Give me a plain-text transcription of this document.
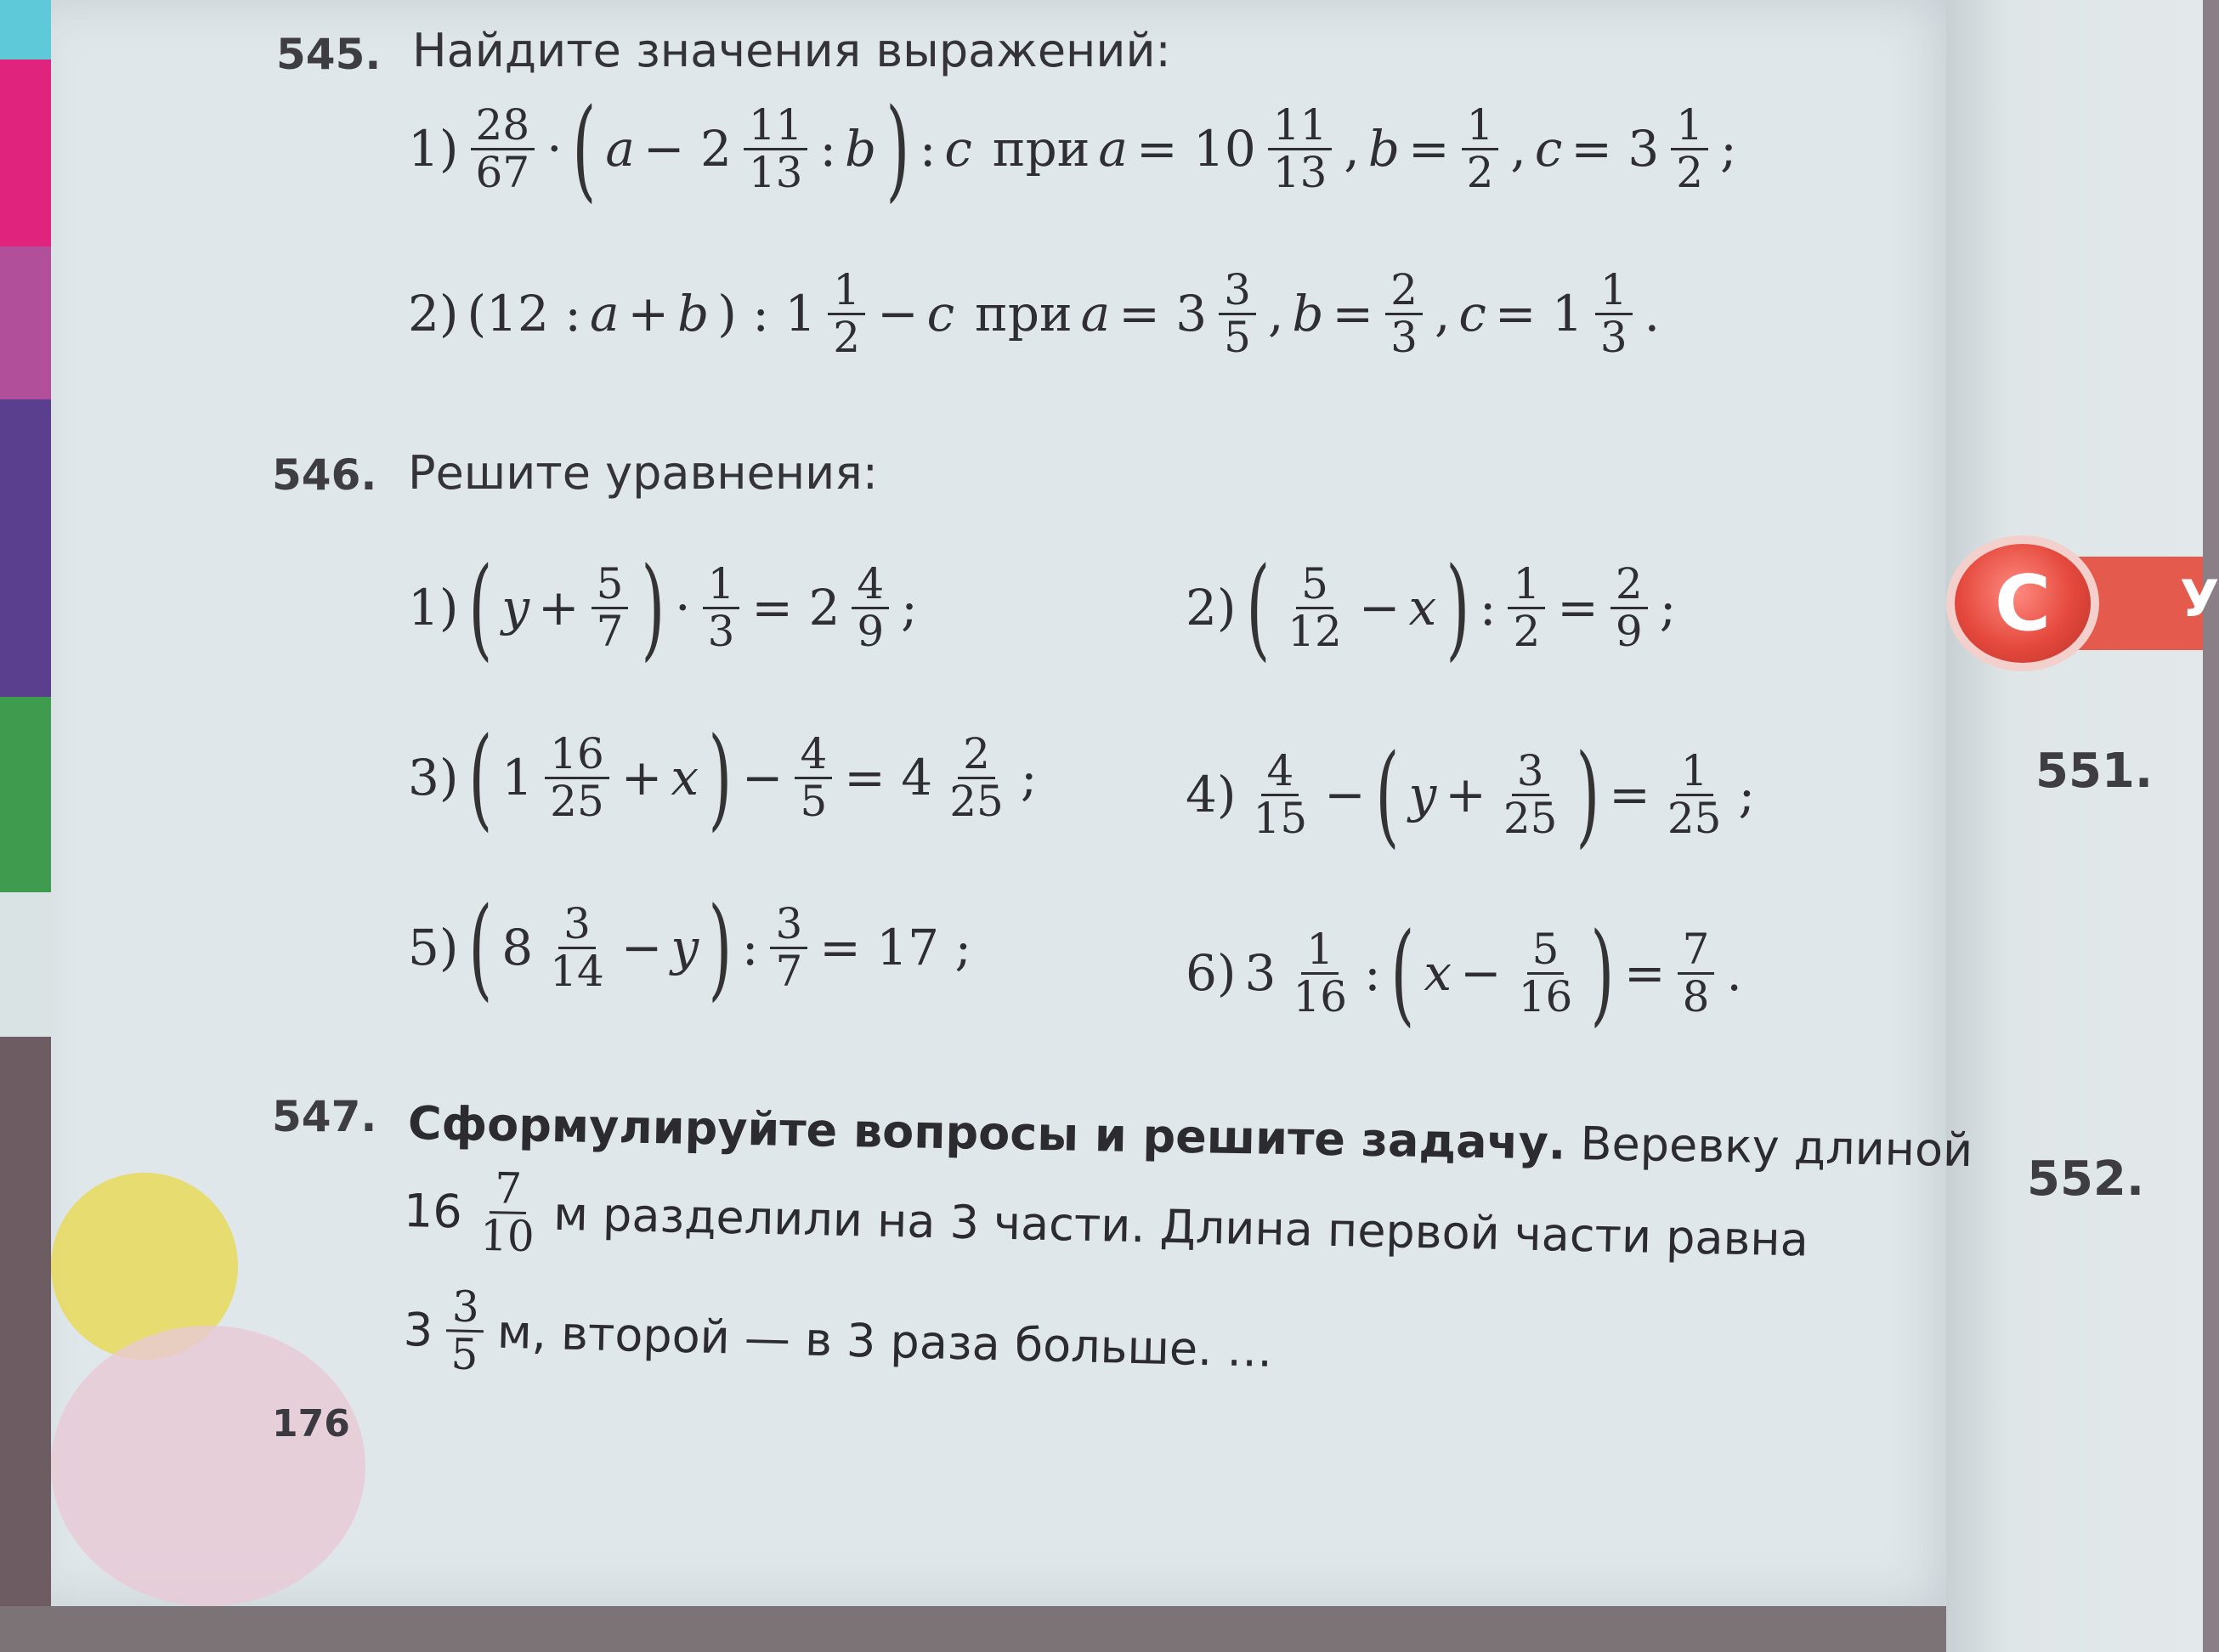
545. Найдите значения выражений:
$1) \frac{28}{67}$ · ( $a - 2 \frac{11}{13}$ : b ) : c при $a = 10 \frac{11}{13}$ , $b = \frac{1}{2}$ , $c = 3 \frac{1}{2}$ ;
2) (12 : a + b ) : $1 \frac{1}{2} - c$ при $a = 3 \frac{3}{5}$ , $b = \frac{2}{3}$ , $c = 1 \frac{1}{3}$ .
546. Решите уравнения:
1) ( $y + \frac{5}{7}$ ) · $\frac{1}{3} = 2 \frac{4}{9}$ ;	2) ( $\frac{5}{12} - x$ ) : $\frac{1}{2} = \frac{2}{9}$ ;
3) ( $1 \frac{16}{25} + x$ ) − $\frac{4}{5} = 4 \frac{2}{25}$ ;	$4) \frac{4}{15}$ − ( $y + \frac{3}{25}$ ) = $\frac{1}{25}$ ;
5) ( $8 \frac{3}{14} - y$ ) : $\frac{3}{7} = 17$ ;	6) $3 \frac{1}{16}$ : ( $x - \frac{5}{16}$ ) = $\frac{7}{8}$ .
547. Сформулируйте вопросы и решите задачу. Веревку длиной
$16 \frac{7}{10}$ м разделили на 3 части. Длина первой части равна
$3 \frac{3}{5} м$, второй — в 3 раза больше. …
176
C	У
551.
552.
